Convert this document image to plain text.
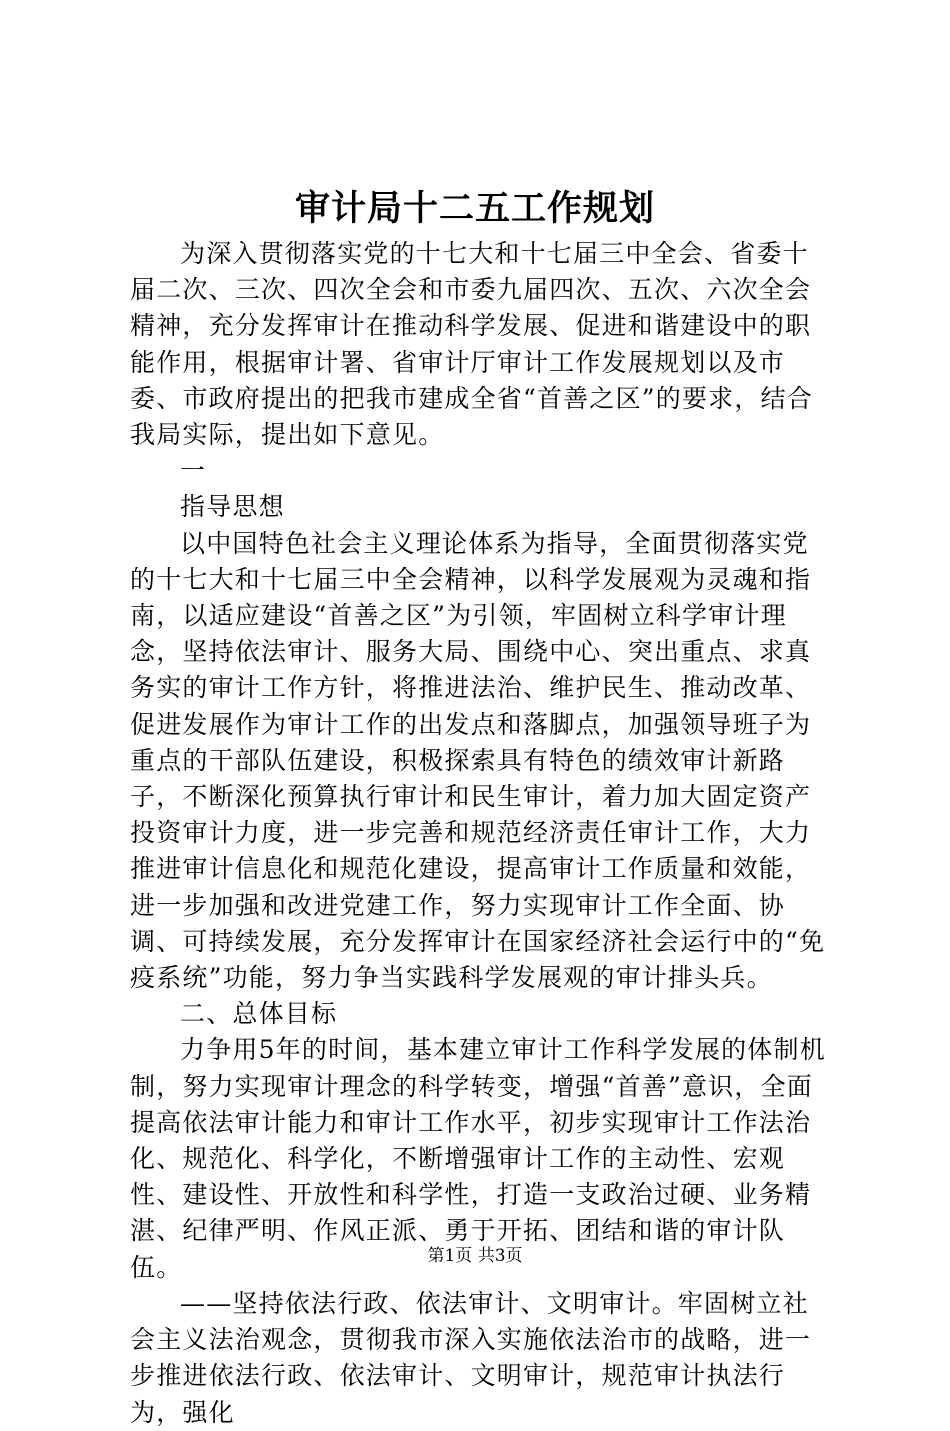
审计局十二五工作规划

为深入贯彻落实党的十七大和十七届三中全会、省委十届二次、三次、四次全会和市委九届四次、五次、六次全会精神，充分发挥审计在推动科学发展、促进和谐建设中的职能作用，根据审计署、省审计厅审计工作发展规划以及市委、市政府提出的把我市建成全省“首善之区”的要求，结合我局实际，提出如下意见。

一

指导思想

以中国特色社会主义理论体系为指导，全面贯彻落实党的十七大和十七届三中全会精神，以科学发展观为灵魂和指南，以适应建设“首善之区”为引领，牢固树立科学审计理念，坚持依法审计、服务大局、围绕中心、突出重点、求真务实的审计工作方针，将推进法治、维护民生、推动改革、促进发展作为审计工作的出发点和落脚点，加强领导班子为重点的干部队伍建设，积极探索具有特色的绩效审计新路子，不断深化预算执行审计和民生审计，着力加大固定资产投资审计力度，进一步完善和规范经济责任审计工作，大力推进审计信息化和规范化建设，提高审计工作质量和效能，进一步加强和改进党建工作，努力实现审计工作全面、协调、可持续发展，充分发挥审计在国家经济社会运行中的“免疫系统”功能，努力争当实践科学发展观的审计排头兵。

二、总体目标

力争用5年的时间，基本建立审计工作科学发展的体制机制，努力实现审计理念的科学转变，增强“首善”意识，全面提高依法审计能力和审计工作水平，初步实现审计工作法治化、规范化、科学化，不断增强审计工作的主动性、宏观性、建设性、开放性和科学性，打造一支政治过硬、业务精湛、纪律严明、作风正派、勇于开拓、团结和谐的审计队伍。

——坚持依法行政、依法审计、文明审计。牢固树立社会主义法治观念，贯彻我市深入实施依法治市的战略，进一步推进依法行政、依法审计、文明审计，规范审计执法行为，强化

第1页 共3页
